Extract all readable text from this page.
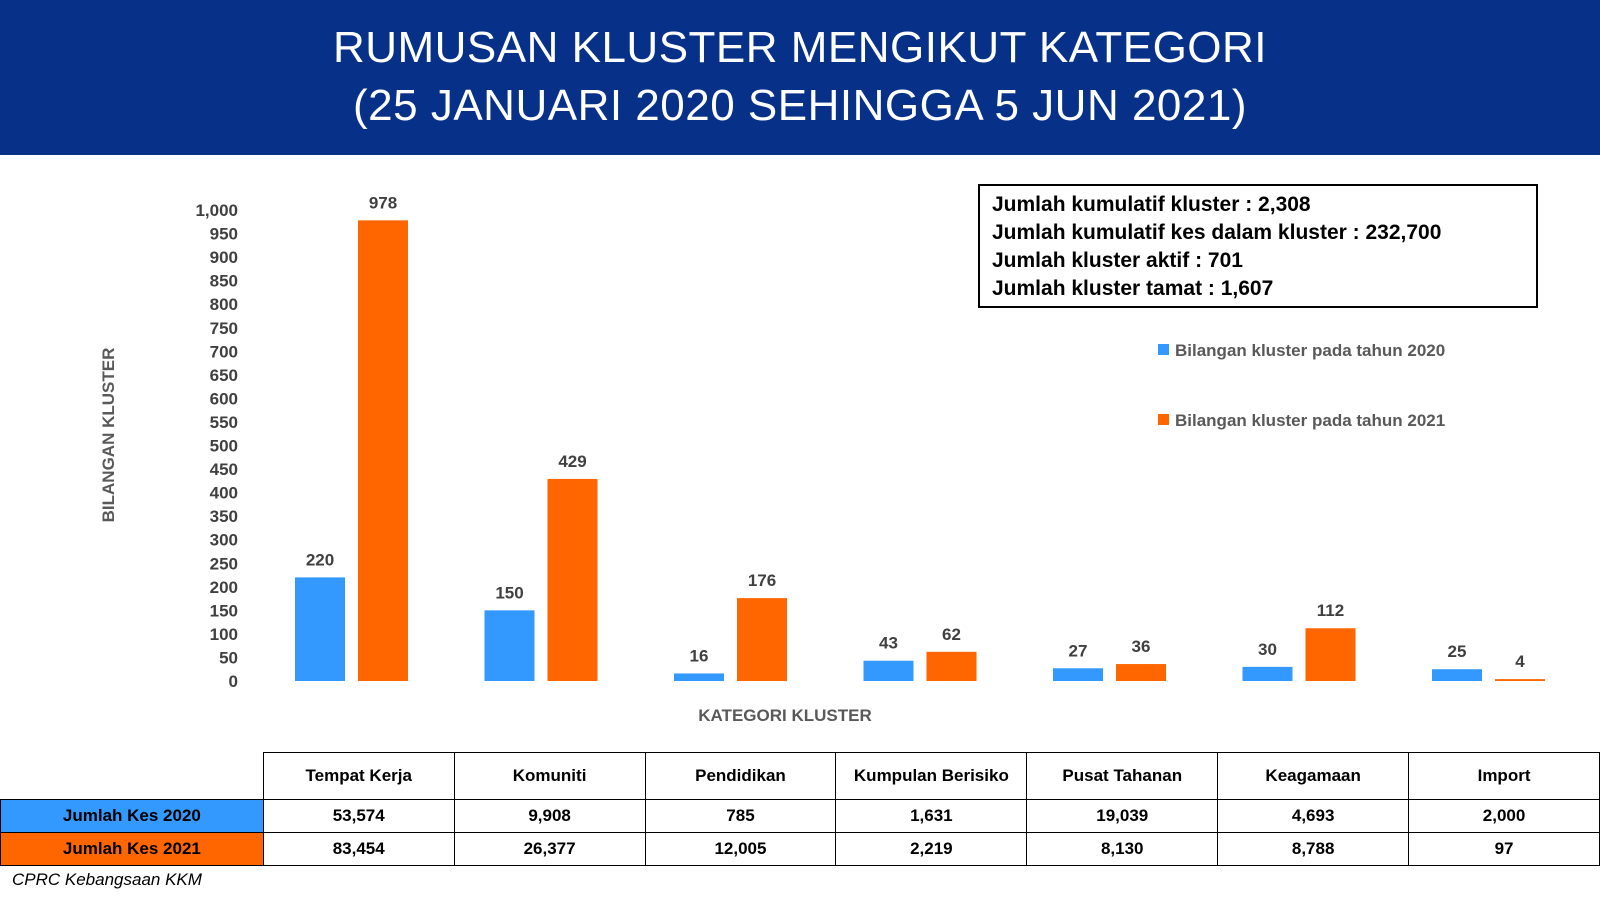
RUMUSAN KLUSTER MENGIKUT KATEGORI
(25 JANUARI 2020 SEHINGGA 5 JUN 2021)
0
50
100
150
200
250
300
350
400
450
500
550
600
650
700
750
800
850
900
950
1,000
220
978
150
429
16
176
43	62
27	36	30
112
25
4
BILANGAN KLUSTER
KATEGORI KLUSTER
Bilangan kluster pada tahun 2020
Bilangan kluster pada tahun 2021
Jumlah kumulatif kluster : 2,308
Jumlah kumulatif kes dalam kluster : 232,700
Jumlah kluster aktif : 701
Jumlah kluster tamat : 1,607
	Tempat Kerja	Komuniti	Pendidikan	Kumpulan Berisiko	Pusat Tahanan	Keagamaan	Import
Jumlah Kes 2020	53,574	9,908	785	1,631	19,039	4,693	2,000
Jumlah Kes 2021	83,454	26,377	12,005	2,219	8,130	8,788	97
CPRC Kebangsaan KKM
